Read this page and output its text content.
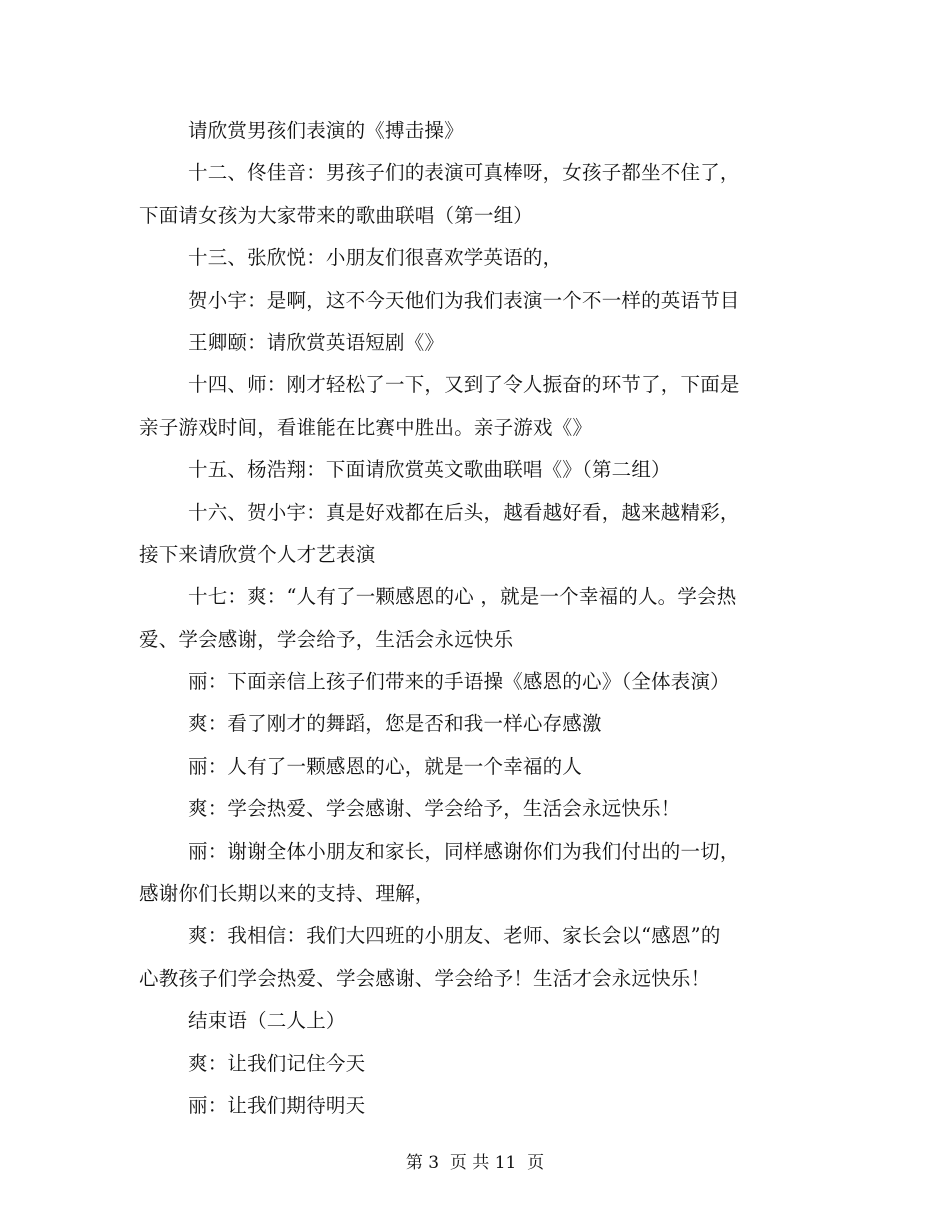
请欣赏男孩们表演的《搏击操》
十二、佟佳音：男孩子们的表演可真棒呀，女孩子都坐不住了，
下面请女孩为大家带来的歌曲联唱（第一组）
十三、张欣悦：小朋友们很喜欢学英语的，
贺小宇：是啊，这不今天他们为我们表演一个不一样的英语节目
王卿颐：请欣赏英语短剧《》
十四、师：刚才轻松了一下，又到了令人振奋的环节了，下面是
亲子游戏时间，看谁能在比赛中胜出。亲子游戏《》
十五、杨浩翔：下面请欣赏英文歌曲联唱《》（第二组）
十六、贺小宇：真是好戏都在后头，越看越好看，越来越精彩，
接下来请欣赏个人才艺表演
十七：爽：“人有了一颗感恩的心 ，就是一个幸福的人。学会热
爱、学会感谢，学会给予，生活会永远快乐
丽：下面亲信上孩子们带来的手语操《感恩的心》（全体表演）
爽：看了刚才的舞蹈，您是否和我一样心存感激
丽：人有了一颗感恩的心，就是一个幸福的人
爽：学会热爱、学会感谢、学会给予，生活会永远快乐！
丽：谢谢全体小朋友和家长，同样感谢你们为我们付出的一切，
感谢你们长期以来的支持、理解，
爽：我相信：我们大四班的小朋友、老师、家长会以“感恩”的
心教孩子们学会热爱、学会感谢、学会给予！生活才会永远快乐！
结束语（二人上）
爽：让我们记住今天
丽：让我们期待明天
第 3  页 共 11  页
